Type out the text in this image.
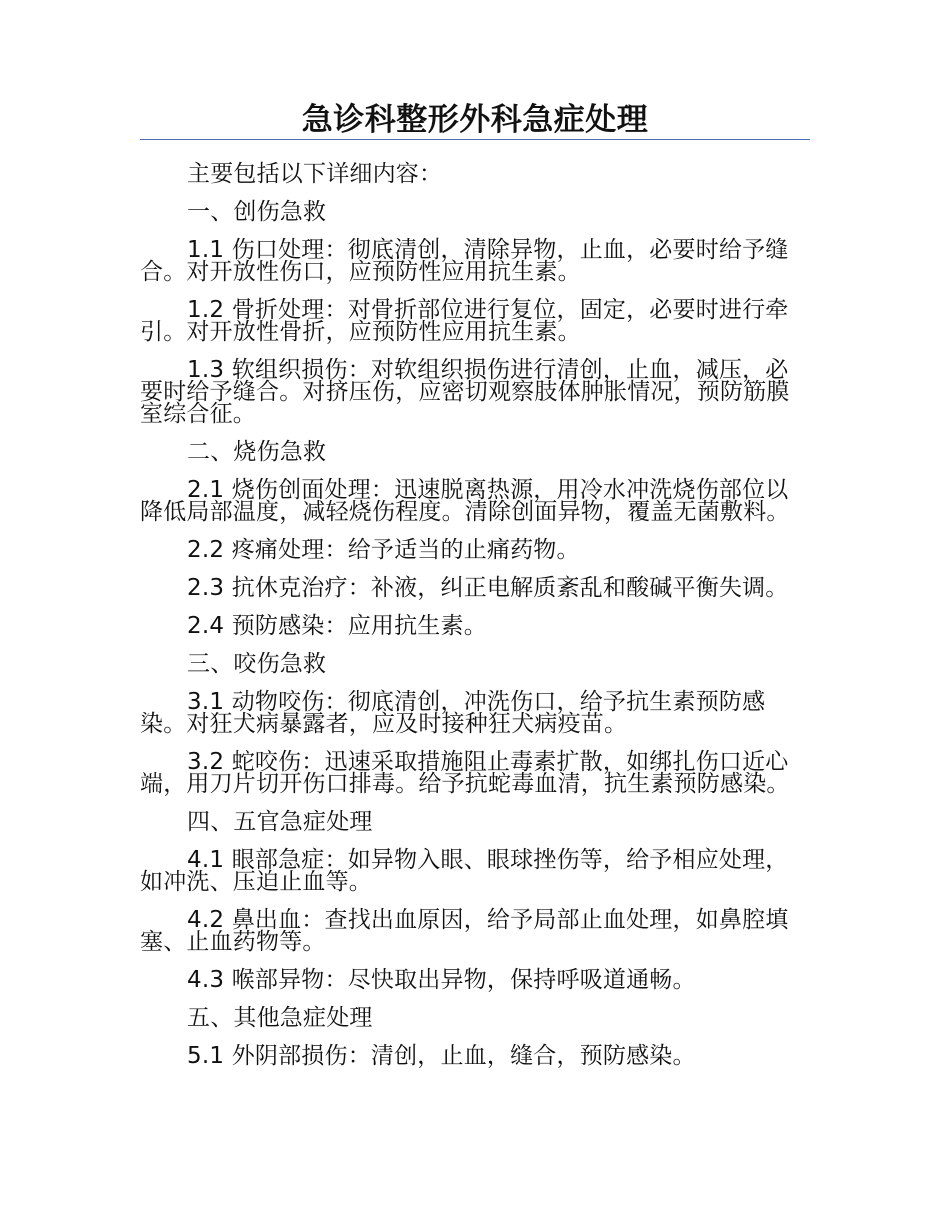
急诊科整形外科急症处理

主要包括以下详细内容：

一、创伤急救

1.1 伤口处理：彻底清创，清除异物，止血，必要时给予缝合。对开放性伤口，应预防性应用抗生素。

1.2 骨折处理：对骨折部位进行复位，固定，必要时进行牵引。对开放性骨折，应预防性应用抗生素。

1.3 软组织损伤：对软组织损伤进行清创，止血，减压，必要时给予缝合。对挤压伤，应密切观察肢体肿胀情况，预防筋膜室综合征。

二、烧伤急救

2.1 烧伤创面处理：迅速脱离热源，用冷水冲洗烧伤部位以降低局部温度，减轻烧伤程度。清除创面异物，覆盖无菌敷料。

2.2 疼痛处理：给予适当的止痛药物。

2.3 抗休克治疗：补液，纠正电解质紊乱和酸碱平衡失调。

2.4 预防感染：应用抗生素。

三、咬伤急救

3.1 动物咬伤：彻底清创，冲洗伤口，给予抗生素预防感染。对狂犬病暴露者，应及时接种狂犬病疫苗。

3.2 蛇咬伤：迅速采取措施阻止毒素扩散，如绑扎伤口近心端，用刀片切开伤口排毒。给予抗蛇毒血清，抗生素预防感染。

四、五官急症处理

4.1 眼部急症：如异物入眼、眼球挫伤等，给予相应处理，如冲洗、压迫止血等。

4.2 鼻出血：查找出血原因，给予局部止血处理，如鼻腔填塞、止血药物等。

4.3 喉部异物：尽快取出异物，保持呼吸道通畅。

五、其他急症处理

5.1 外阴部损伤：清创，止血，缝合，预防感染。
